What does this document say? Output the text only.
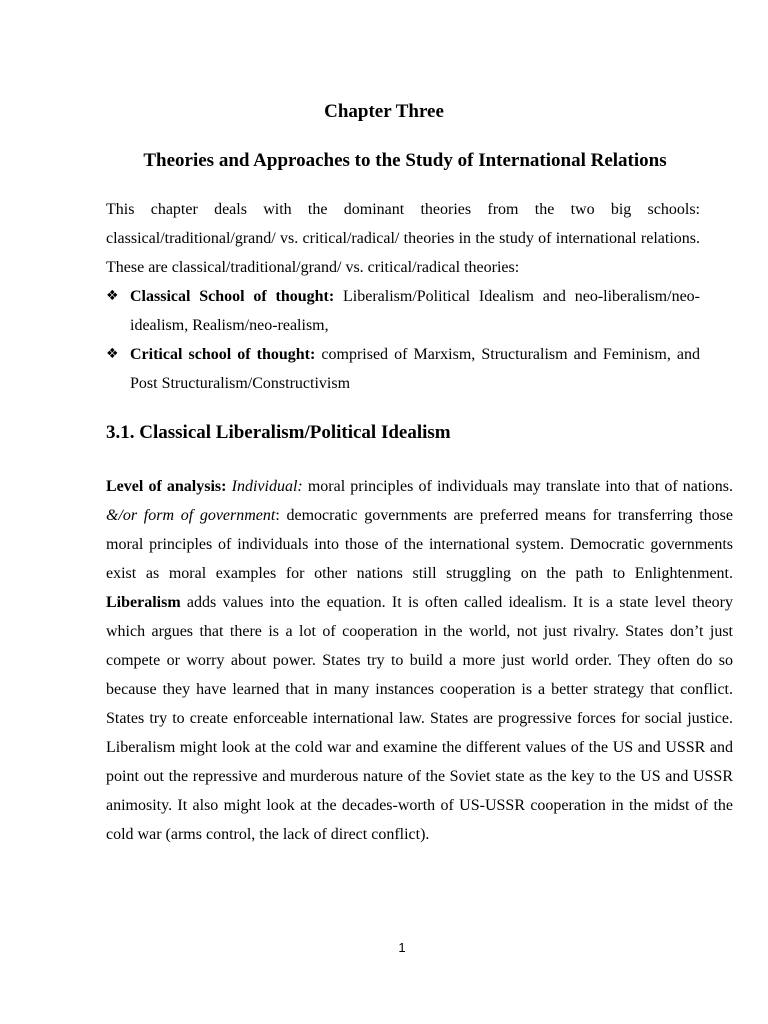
Chapter Three
Theories and Approaches to the Study of International Relations

This chapter deals with the dominant theories from the two big schools: classical/traditional/grand/ vs. critical/radical/ theories in the study of international relations. These are classical/traditional/grand/ vs. critical/radical theories:

❖ Classical School of thought: Liberalism/Political Idealism and neo-liberalism/neo-idealism, Realism/neo-realism,
❖ Critical school of thought: comprised of Marxism, Structuralism and Feminism, and Post Structuralism/Constructivism
3.1. Classical Liberalism/Political Idealism

Level of analysis: Individual: moral principles of individuals may translate into that of nations. &/or form of government: democratic governments are preferred means for transferring those moral principles of individuals into those of the international system. Democratic governments exist as moral examples for other nations still struggling on the path to Enlightenment. Liberalism adds values into the equation. It is often called idealism. It is a state level theory which argues that there is a lot of cooperation in the world, not just rivalry. States don’t just compete or worry about power. States try to build a more just world order. They often do so because they have learned that in many instances cooperation is a better strategy that conflict. States try to create enforceable international law. States are progressive forces for social justice. Liberalism might look at the cold war and examine the different values of the US and USSR and point out the repressive and murderous nature of the Soviet state as the key to the US and USSR animosity. It also might look at the decades-worth of US-USSR cooperation in the midst of the cold war (arms control, the lack of direct conflict).

1
